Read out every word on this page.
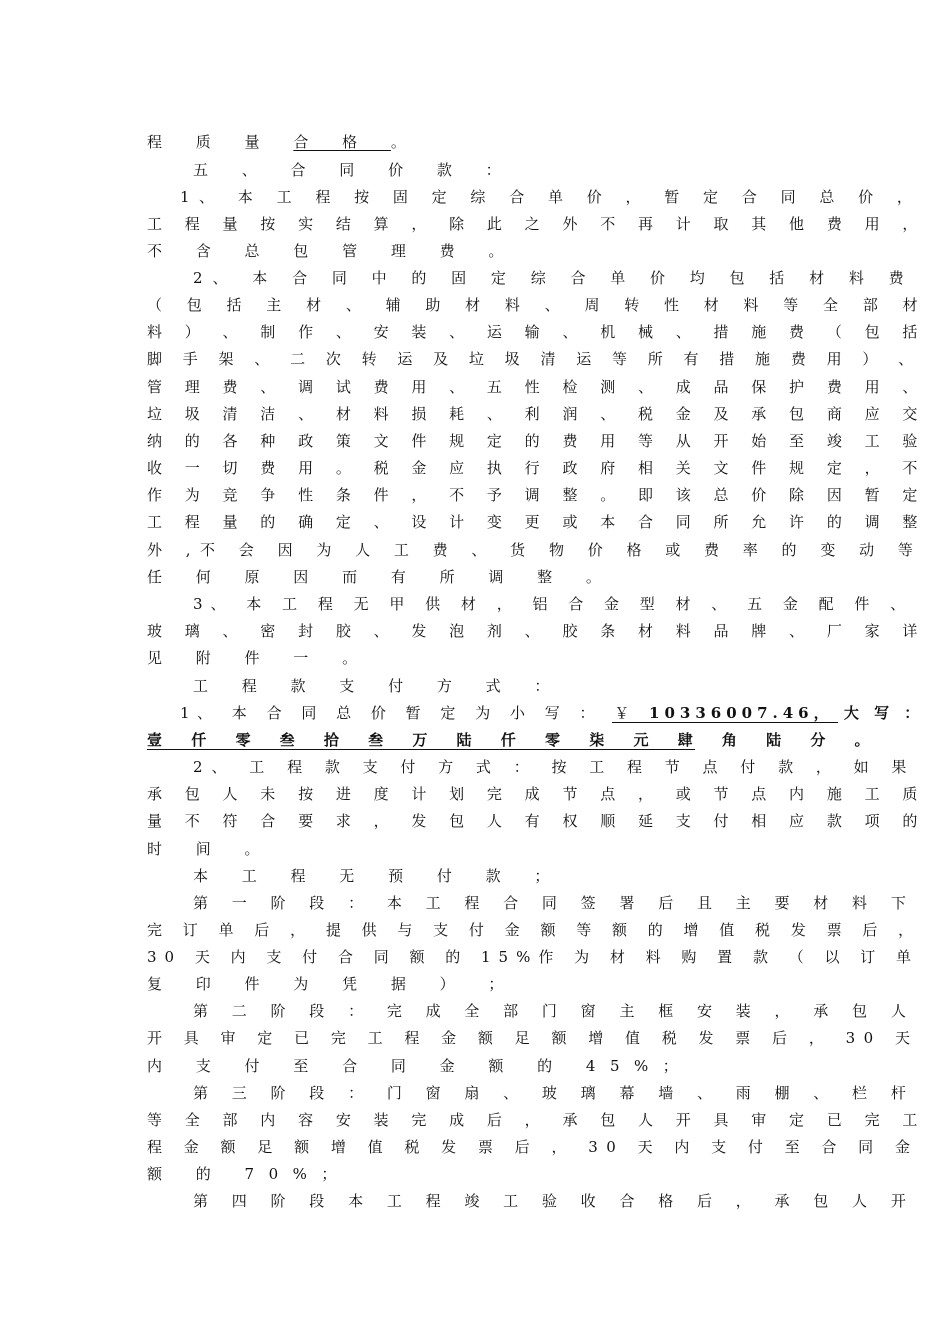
程 质 量 合 格 。
五 、 合 同 价 款 ：
1、 本 工 程 按 固 定 综 合 单 价 ， 暂 定 合 同 总 价 ，
工 程 量 按 实 结 算 ， 除 此 之 外 不 再 计 取 其 他 费 用 ，
不 含 总 包 管 理 费 。
2、 本 合 同 中 的 固 定 综 合 单 价 均 包 括 材 料 费
（ 包 括 主 材 、 辅 助 材 料 、 周 转 性 材 料 等 全 部 材
料 ） 、 制 作 、 安 装 、 运 输 、 机 械 、 措 施 费 （ 包 括
脚 手 架 、 二 次 转 运 及 垃 圾 清 运 等 所 有 措 施 费 用 ） 、
管 理 费 、 调 试 费 用 、 五 性 检 测 、 成 品 保 护 费 用 、
垃 圾 清 洁 、 材 料 损 耗 、 利 润 、 税 金 及 承 包 商 应 交
纳 的 各 种 政 策 文 件 规 定 的 费 用 等 从 开 始 至 竣 工 验
收 一 切 费 用 。 税 金 应 执 行 政 府 相 关 文 件 规 定 ， 不
作 为 竞 争 性 条 件 ， 不 予 调 整 。 即 该 总 价 除 因 暂 定
工 程 量 的 确 定 、 设 计 变 更 或 本 合 同 所 允 许 的 调 整
外 ,不 会 因 为 人 工 费 、 货 物 价 格 或 费 率 的 变 动 等
任 何 原 因 而 有 所 调 整 。
3、 本 工 程 无 甲 供 材 ， 铝 合 金 型 材 、 五 金 配 件 、
玻 璃 、 密 封 胶 、 发 泡 剂 、 胶 条 材 料 品 牌 、 厂 家 详
见 附 件 一 。
工 程 款 支 付 方 式 ：
1、 本 合 同 总 价 暂 定 为 小 写 ： ￥ 10336007.46， 大 写 ：
壹 仟 零 叁 拾 叁 万 陆 仟 零 柒 元 肆 角 陆 分 。
2、 工 程 款 支 付 方 式 ： 按 工 程 节 点 付 款 ， 如 果
承 包 人 未 按 进 度 计 划 完 成 节 点 ， 或 节 点 内 施 工 质
量 不 符 合 要 求 ， 发 包 人 有 权 顺 延 支 付 相 应 款 项 的
时 间 。
本 工 程 无 预 付 款 ；
第 一 阶 段 ： 本 工 程 合 同 签 署 后 且 主 要 材 料 下
完 订 单 后 ， 提 供 与 支 付 金 额 等 额 的 增 值 税 发 票 后 ，
30 天 内 支 付 合 同 额 的 15%作 为 材 料 购 置 款 （ 以 订 单
复 印 件 为 凭 据 ） ；
第 二 阶 段 ： 完 成 全 部 门 窗 主 框 安 装 ， 承 包 人
开 具 审 定 已 完 工 程 金 额 足 额 增 值 税 发 票 后 ， 30 天
内 支 付 至 合 同 金 额 的 45%；
第 三 阶 段 ： 门 窗 扇 、 玻 璃 幕 墙 、 雨 棚 、 栏 杆
等 全 部 内 容 安 装 完 成 后 ， 承 包 人 开 具 审 定 已 完 工
程 金 额 足 额 增 值 税 发 票 后 ， 30 天 内 支 付 至 合 同 金
额 的 70%；
第 四 阶 段 本 工 程 竣 工 验 收 合 格 后 ， 承 包 人 开
